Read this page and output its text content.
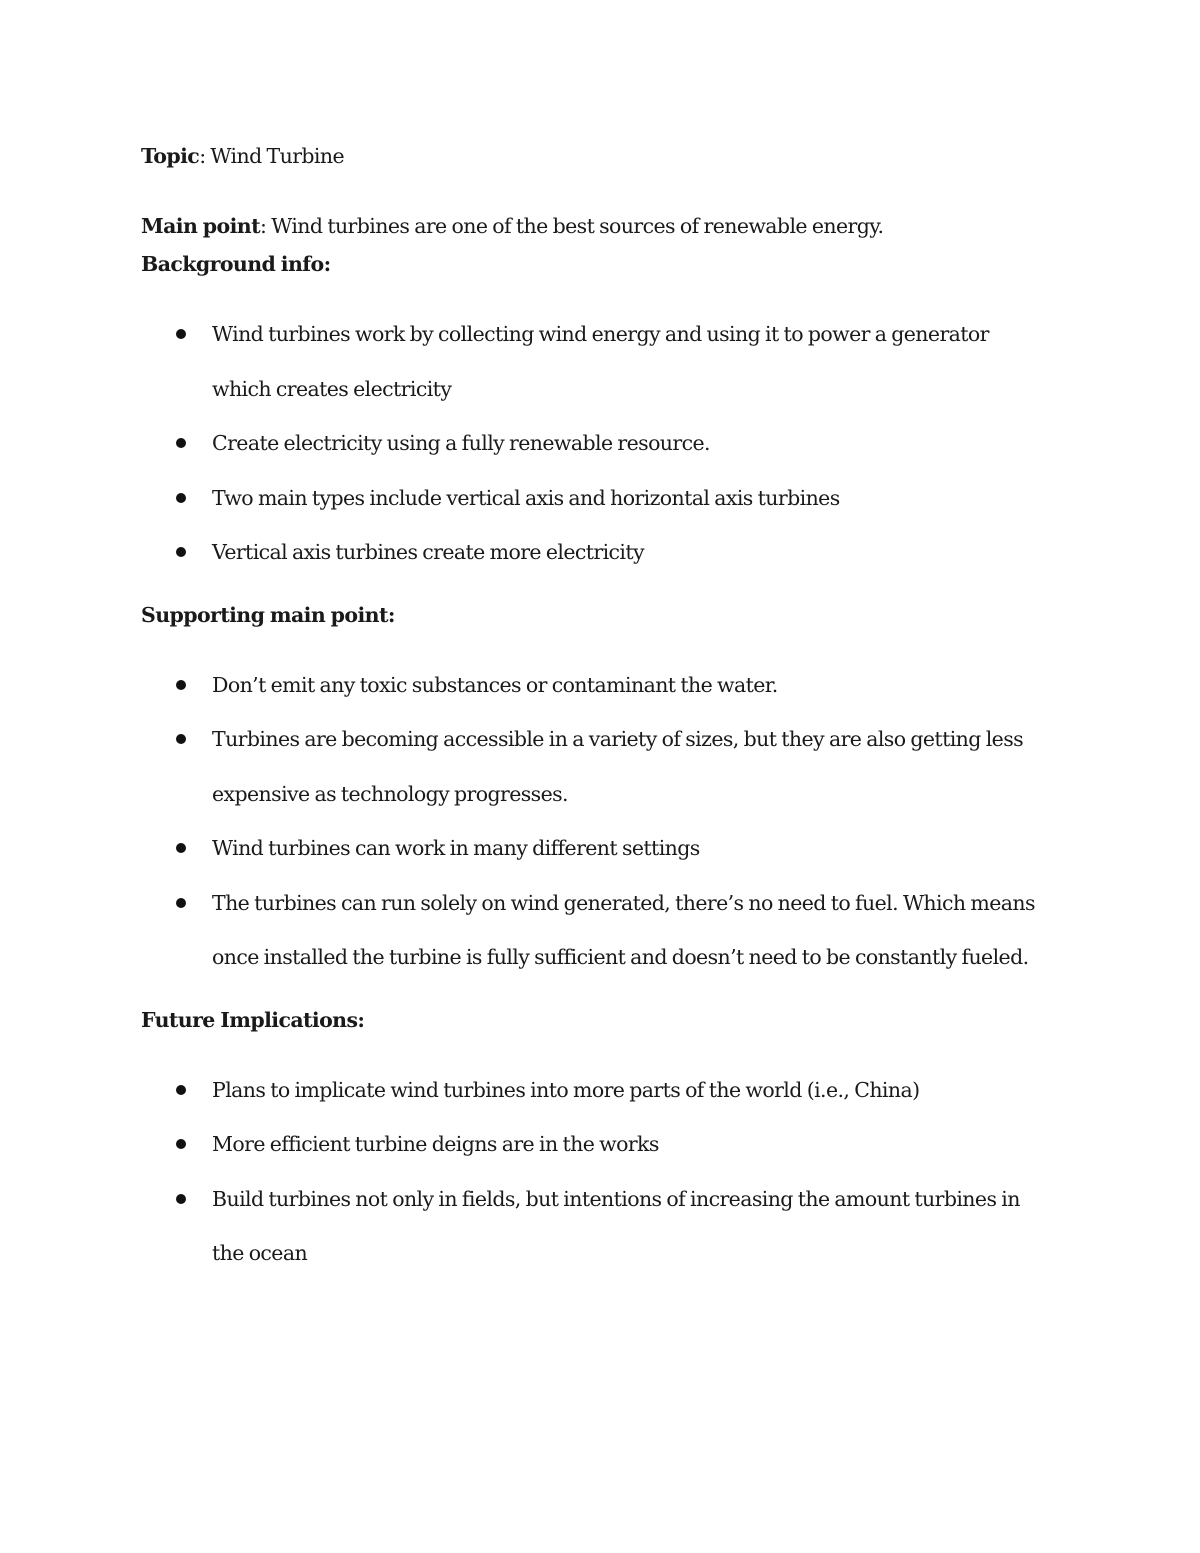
Topic: Wind Turbine

Main point: Wind turbines are one of the best sources of renewable energy.

Background info:

Wind turbines work by collecting wind energy and using it to power a generator which creates electricity
Create electricity using a fully renewable resource.
Two main types include vertical axis and horizontal axis turbines
Vertical axis turbines create more electricity

Supporting main point:

Don’t emit any toxic substances or contaminant the water.
Turbines are becoming accessible in a variety of sizes, but they are also getting less expensive as technology progresses.
Wind turbines can work in many different settings
The turbines can run solely on wind generated, there’s no need to fuel. Which means once installed the turbine is fully sufficient and doesn’t need to be constantly fueled.

Future Implications:

Plans to implicate wind turbines into more parts of the world (i.e., China)
More efficient turbine deigns are in the works
Build turbines not only in fields, but intentions of increasing the amount turbines in the ocean
